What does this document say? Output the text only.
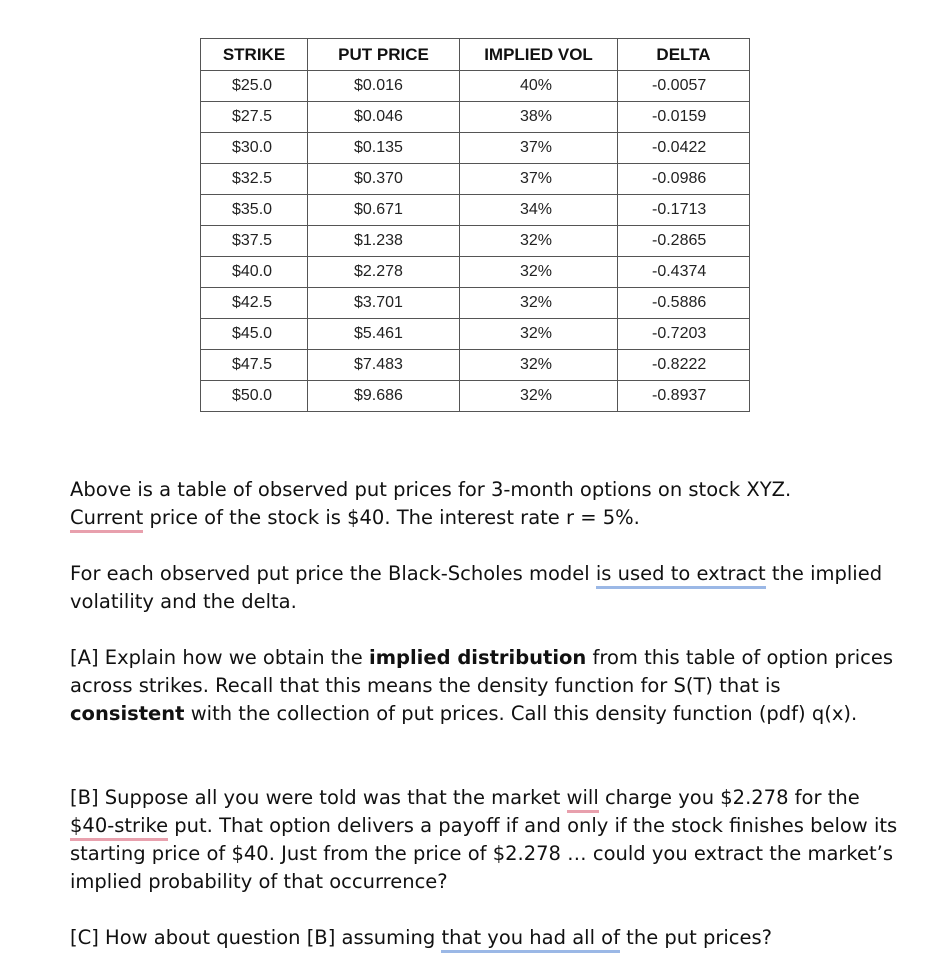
STRIKE	PUT PRICE	IMPLIED VOL	DELTA
$25.0	$0.016	40%	-0.0057
$27.5	$0.046	38%	-0.0159
$30.0	$0.135	37%	-0.0422
$32.5	$0.370	37%	-0.0986
$35.0	$0.671	34%	-0.1713
$37.5	$1.238	32%	-0.2865
$40.0	$2.278	32%	-0.4374
$42.5	$3.701	32%	-0.5886
$45.0	$5.461	32%	-0.7203
$47.5	$7.483	32%	-0.8222
$50.0	$9.686	32%	-0.8937
Above is a table of observed put prices for 3-month options on stock XYZ.
Current price of the stock is $40. The interest rate r = 5%.
For each observed put price the Black-Scholes model is used to extract the implied volatility and the delta.
[A] Explain how we obtain the implied distribution from this table of option prices across strikes. Recall that this means the density function for S(T) that is consistent with the collection of put prices. Call this density function (pdf) q(x).
[B] Suppose all you were told was that the market will charge you $2.278 for the $40-strike put. That option delivers a payoff if and only if the stock finishes below its starting price of $40. Just from the price of $2.278 … could you extract the market’s implied probability of that occurrence?
[C] How about question [B] assuming that you had all of the put prices?
